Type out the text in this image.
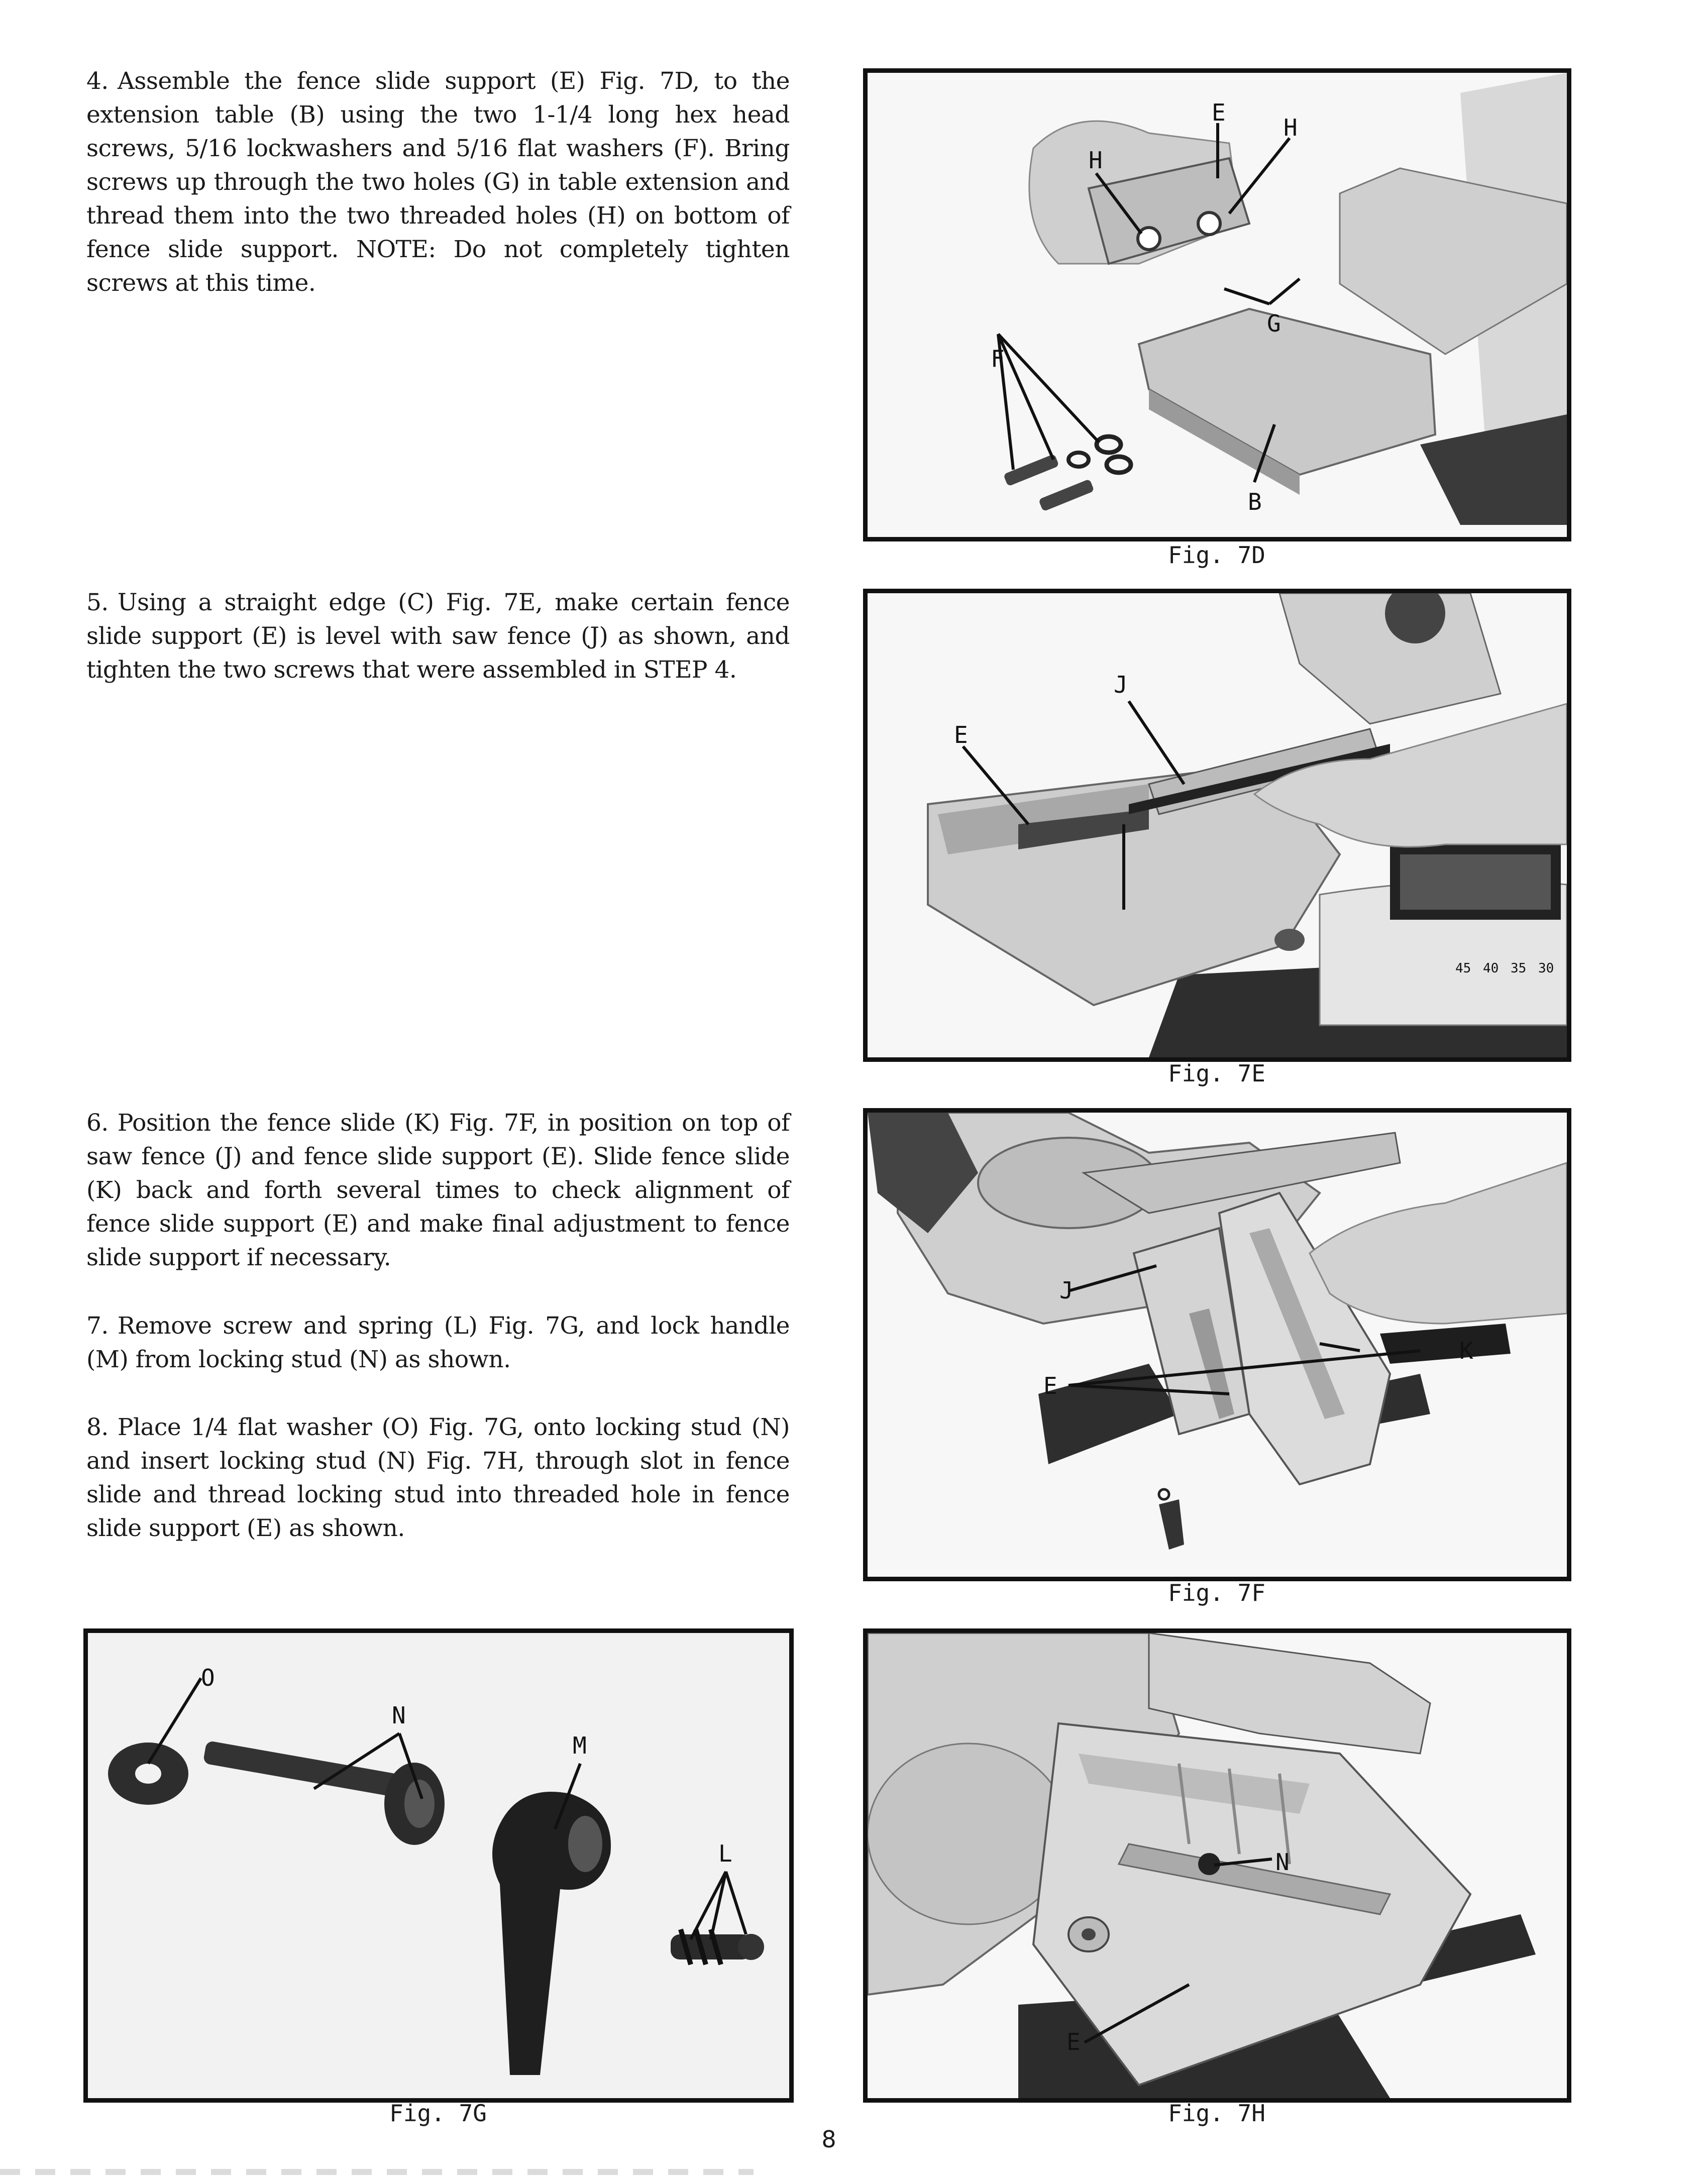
4. Assemble the fence slide support (E) Fig. 7D, to the extension table (B) using the two 1-1/4 long hex head screws, 5/16 lockwashers and 5/16 flat washers (F). Bring screws up through the two holes (G) in table extension and thread them into the two threaded holes (H) on bottom of fence slide support. NOTE: Do not completely tighten screws at this time.

5. Using a straight edge (C) Fig. 7E, make certain fence slide support (E) is level with saw fence (J) as shown, and tighten the two screws that were assembled in STEP 4.

6. Position the fence slide (K) Fig. 7F, in position on top of saw fence (J) and fence slide support (E). Slide fence slide (K) back and forth several times to check alignment of fence slide support (E) and make final adjustment to fence slide support if necessary.

7. Remove screw and spring (L) Fig. 7G, and lock handle (M) from locking stud (N) as shown.

8. Place 1/4 flat washer (O) Fig. 7G, onto locking stud (N) and insert locking stud (N) Fig. 7H, through slot in fence slide and thread locking stud into threaded hole in fence slide support (E) as shown.

E
H
H
G
F
B
Fig. 7D
45 40 35 30
E
J
Fig. 7E
J
K
E
Fig. 7F
O
N
M
L
Fig. 7G
N
E
Fig. 7H
8
